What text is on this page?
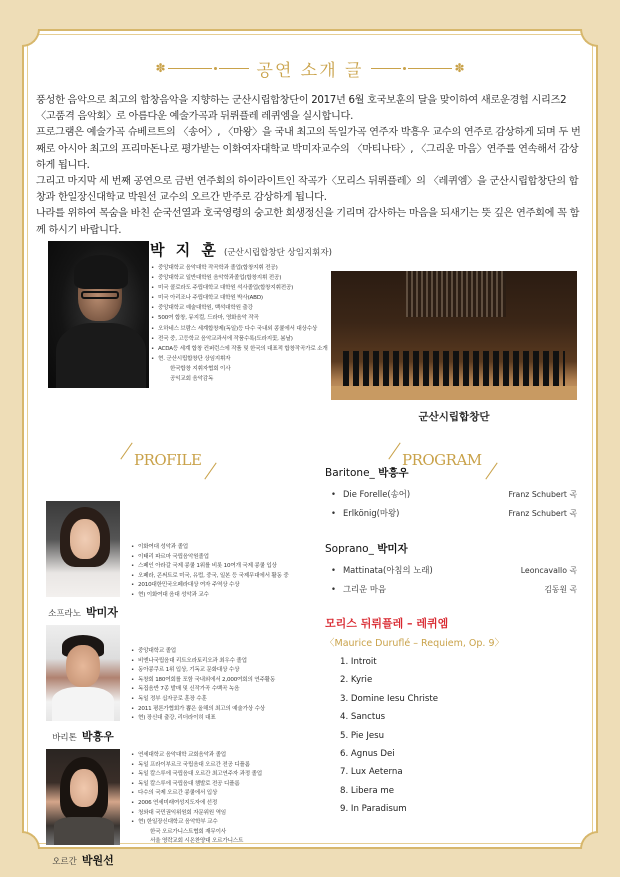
✽	공연 소개 글	✽

풍성한 음악으로 최고의 합창음악을 지향하는 군산시립합창단이 2017년 6월 호국보훈의 달을 맞이하여 새로운경험 시리즈2 〈고품격 음악회〉로 아름다운 예술가곡과 뒤뤼플레 레퀴엠을 실시합니다.

프로그램은 예술가곡 슈베르트의 〈송어〉, 〈마왕〉을 국내 최고의 독일가곡 연주자 박흥우 교수의 연주로 감상하게 되며 두 번째로 아시아 최고의 프리마돈나로 평가받는 이화여자대학교 박미자교수의 〈마티나타〉, 〈그리운 마음〉연주를 연속해서 감상하게 됩니다.

그리고 마지막 세 번째 공연으로 금번 연주회의 하이라이트인 작곡가〈모리스 뒤뤼플레〉의 〈레퀴엠〉을 군산시립합창단의 합창과 한일장신대학교 박원선 교수의 오르간 반주로 감상하게 됩니다.

나라를 위하여 목숨을 바친 순국선열과 호국영령의 숭고한 희생정신을 기리며 감사하는 마음을 되새기는 뜻 깊은 연주회에 꼭 함께 하시기 바랍니다.

박 지 훈 (군산시립합창단 상임지휘자)
• 중앙대학교 음악대학 작곡학과 졸업(합창지휘 전공)
• 중앙대학교 일반대학원 음악학과졸업(합창지휘 전공)
• 미국 콜로라도 주립대학교 대학원 석사졸업(합창지휘전공)
• 미국 아리조나 주립대학교 대학원 박사(ABD)
• 중앙대학교 예술대학원, 백석대학원 출강
• 500여 합창, 뮤지컬, 드라마, 영화음악 작곡
• 오하네스 브람스 세계합창제(독일)등 다수 국내외 콩쿨에서 대상수상
• 전국 중, 고등학교 음악교과서에 작품수록(도라지꽃, 봄날)
• ACDA등 세계 합창 컨퍼런스에 작품 및 한국의 대표적 합창작곡가로 소개
• 현. 군산시립합창단 상임지휘자
한국합창 지휘자협회 이사
공익교회 음악감독
군산시립합창단
PROFILE	PROGRAM
소프라노 박미자
• 이화여대 성악과 졸업
• 이태리 파르마 국립음악원졸업
• 스페인 아라갈 국제 콩쿨 1위를 비롯 10여개 국제 콩쿨 입상
• 오페라, 콘써트로 미국, 유럽, 중국, 일본 등 국제무대에서 활동 중
• 2010대한민국오페라대상 여자 주역상 수상
• 현) 이화여대 음대 성악과 교수
바리톤 박흥우
• 중앙대학교 졸업
• 비엔나국립음대 리트오라토리오과 최우수 졸업
• 동아콩쿠르 1위 입상, 기독교 문화대상 수상
• 독창회 180여회를 포함 국내외에서 2,000여회의 연주활동
• 독집음반 7종 발매 및 신작가곡 수백곡 녹음
• 독일 정부 십자공로 훈장 수훈
• 2011 평론가협회가 뽑은 올해의 최고의 예술가상 수상
• 현) 장신대 출강, 리더라이히 대표
오르간 박원선
• 연세대학교 음악대학 교회음악과 졸업
• 독일 프라이부르크 국립음대 오르간 전공 디플롬
• 독일 칼스루에 국립음대 오르간 최고연주자 과정 졸업
• 독일 칼스루에 국립음대 챔발로 전공 디플롬
• 다수의 국제 오르간 콩쿨에서 입상
• 2006 연세미래여성지도자에 선정
• 청와대 국민권익위원회 자문위원 역임
• 현) 한일장신대학교 음악학부 교수
한국 오르가니스트협회 재무이사
서울 영락교회 시온찬양대 오르가니스트
Baritone_ 박흥우
• Die Forelle(송어)	Franz Schubert 곡
• Erlkönig(마왕)	Franz Schubert 곡
Soprano_ 박미자
• Mattinata(아침의 노래)	Leoncavallo 곡
• 그리운 마음	김동원 곡
모리스 뒤뤼플레 – 레퀴엠
〈Maurice Duruflé – Requiem, Op. 9〉
1. Introit
2. Kyrie
3. Domine Iesu Christe
4. Sanctus
5. Pie Jesu
6. Agnus Dei
7. Lux Aeterna
8. Libera me
9. In Paradisum
